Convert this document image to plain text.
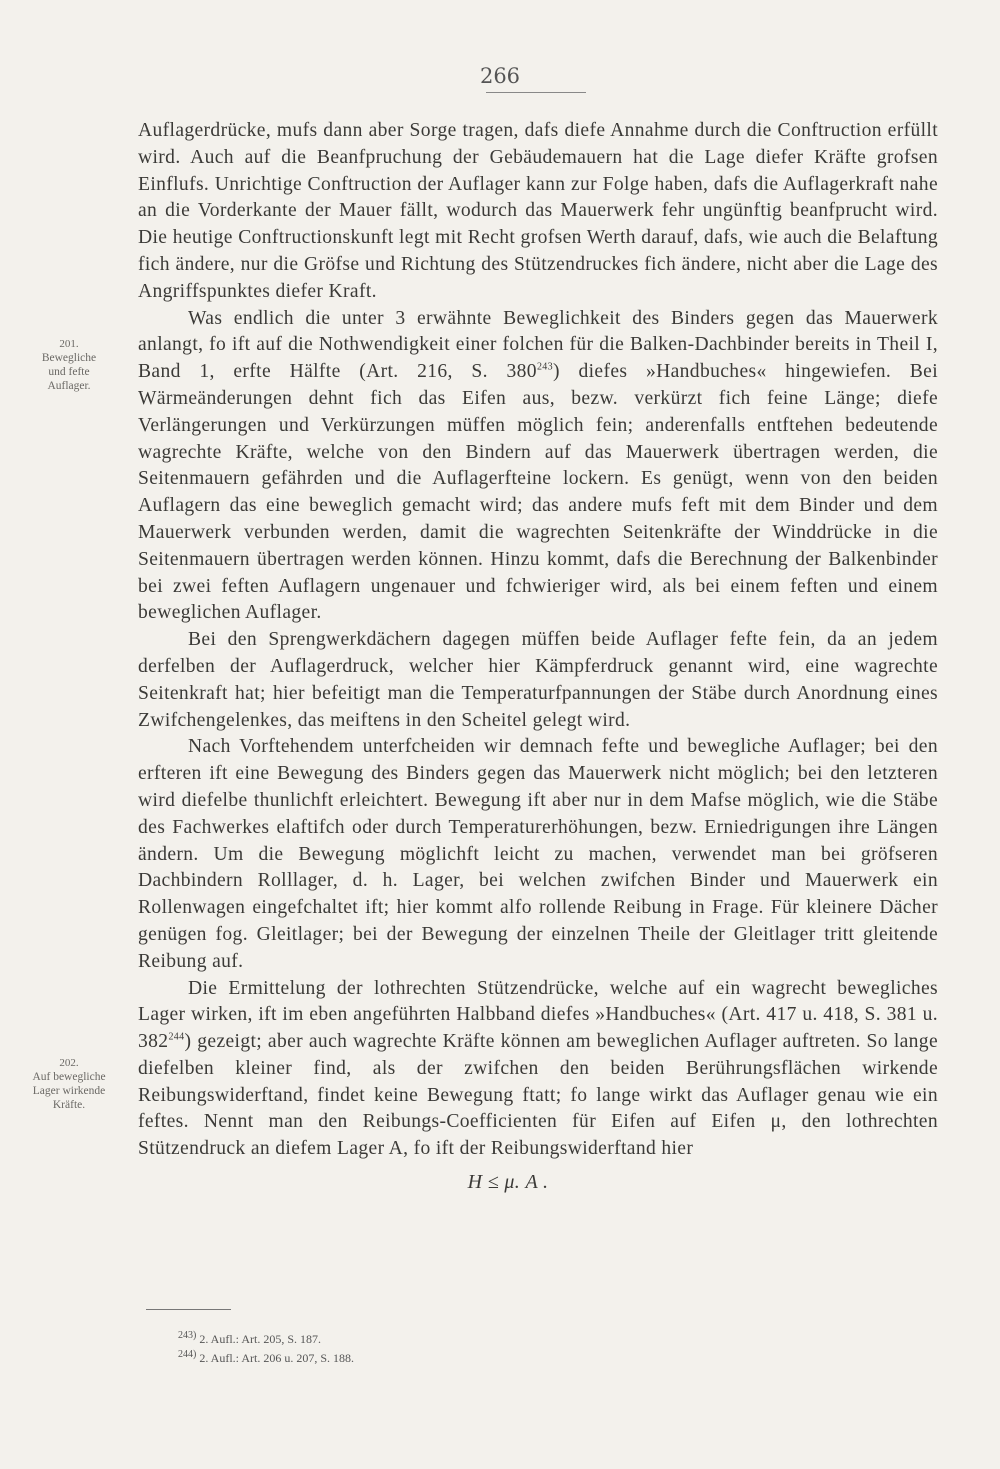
266
201.
Bewegliche
und fefte
Auflager.
202.
Auf bewegliche
Lager wirkende
Kräfte.

Auflagerdrücke, mufs dann aber Sorge tragen, dafs diefe Annahme durch die Conftruction erfüllt wird. Auch auf die Beanfpruchung der Gebäudemauern hat die Lage diefer Kräfte grofsen Einflufs. Unrichtige Conftruction der Auflager kann zur Folge haben, dafs die Auflagerkraft nahe an die Vorderkante der Mauer fällt, wodurch das Mauerwerk fehr ungünftig beanfprucht wird. Die heutige Conftructionskunft legt mit Recht grofsen Werth darauf, dafs, wie auch die Belaftung fich ändere, nur die Gröfse und Richtung des Stützendruckes fich ändere, nicht aber die Lage des Angriffspunktes diefer Kraft.

Was endlich die unter 3 erwähnte Beweglichkeit des Binders gegen das Mauerwerk anlangt, fo ift auf die Nothwendigkeit einer folchen für die Balken-Dachbinder bereits in Theil I, Band 1, erfte Hälfte (Art. 216, S. $380^{243}$) diefes »Handbuches« hingewiefen. Bei Wärmeänderungen dehnt fich das Eifen aus, bezw. verkürzt fich feine Länge; diefe Verlängerungen und Verkürzungen müffen möglich fein; anderenfalls entftehen bedeutende wagrechte Kräfte, welche von den Bindern auf das Mauerwerk übertragen werden, die Seitenmauern gefährden und die Auflagerfteine lockern. Es genügt, wenn von den beiden Auflagern das eine beweglich gemacht wird; das andere mufs feft mit dem Binder und dem Mauerwerk verbunden werden, damit die wagrechten Seitenkräfte der Winddrücke in die Seitenmauern übertragen werden können. Hinzu kommt, dafs die Berechnung der Balkenbinder bei zwei feften Auflagern ungenauer und fchwieriger wird, als bei einem feften und einem beweglichen Auflager.

Bei den Sprengwerkdächern dagegen müffen beide Auflager fefte fein, da an jedem derfelben der Auflagerdruck, welcher hier Kämpferdruck genannt wird, eine wagrechte Seitenkraft hat; hier befeitigt man die Temperaturfpannungen der Stäbe durch Anordnung eines Zwifchengelenkes, das meiftens in den Scheitel gelegt wird.

Nach Vorftehendem unterfcheiden wir demnach fefte und bewegliche Auflager; bei den erfteren ift eine Bewegung des Binders gegen das Mauerwerk nicht möglich; bei den letzteren wird diefelbe thunlichft erleichtert. Bewegung ift aber nur in dem Mafse möglich, wie die Stäbe des Fachwerkes elaftifch oder durch Temperaturerhöhungen, bezw. Erniedrigungen ihre Längen ändern. Um die Bewegung möglichft leicht zu machen, verwendet man bei gröfseren Dachbindern Rolllager, d. h. Lager, bei welchen zwifchen Binder und Mauerwerk ein Rollenwagen eingefchaltet ift; hier kommt alfo rollende Reibung in Frage. Für kleinere Dächer genügen fog. Gleitlager; bei der Bewegung der einzelnen Theile der Gleitlager tritt gleitende Reibung auf.

Die Ermittelung der lothrechten Stützendrücke, welche auf ein wagrecht bewegliches Lager wirken, ift im eben angeführten Halbband diefes »Handbuches« (Art. 417 u. 418, S. 381 u. $382^{244}$) gezeigt; aber auch wagrechte Kräfte können am beweglichen Auflager auftreten. So lange diefelben kleiner find, als der zwifchen den beiden Berührungsflächen wirkende Reibungswiderftand, findet keine Bewegung ftatt; fo lange wirkt das Auflager genau wie ein feftes. Nennt man den Reibungs-Coefficienten für Eifen auf Eifen μ, den lothrechten Stützendruck an diefem Lager A, fo ift der Reibungswiderftand hier

H ≤ μ. A .
$^{243)}$ 2. Aufl.: Art. 205, S. 187.
$^{244)}$ 2. Aufl.: Art. 206 u. 207, S. 188.
